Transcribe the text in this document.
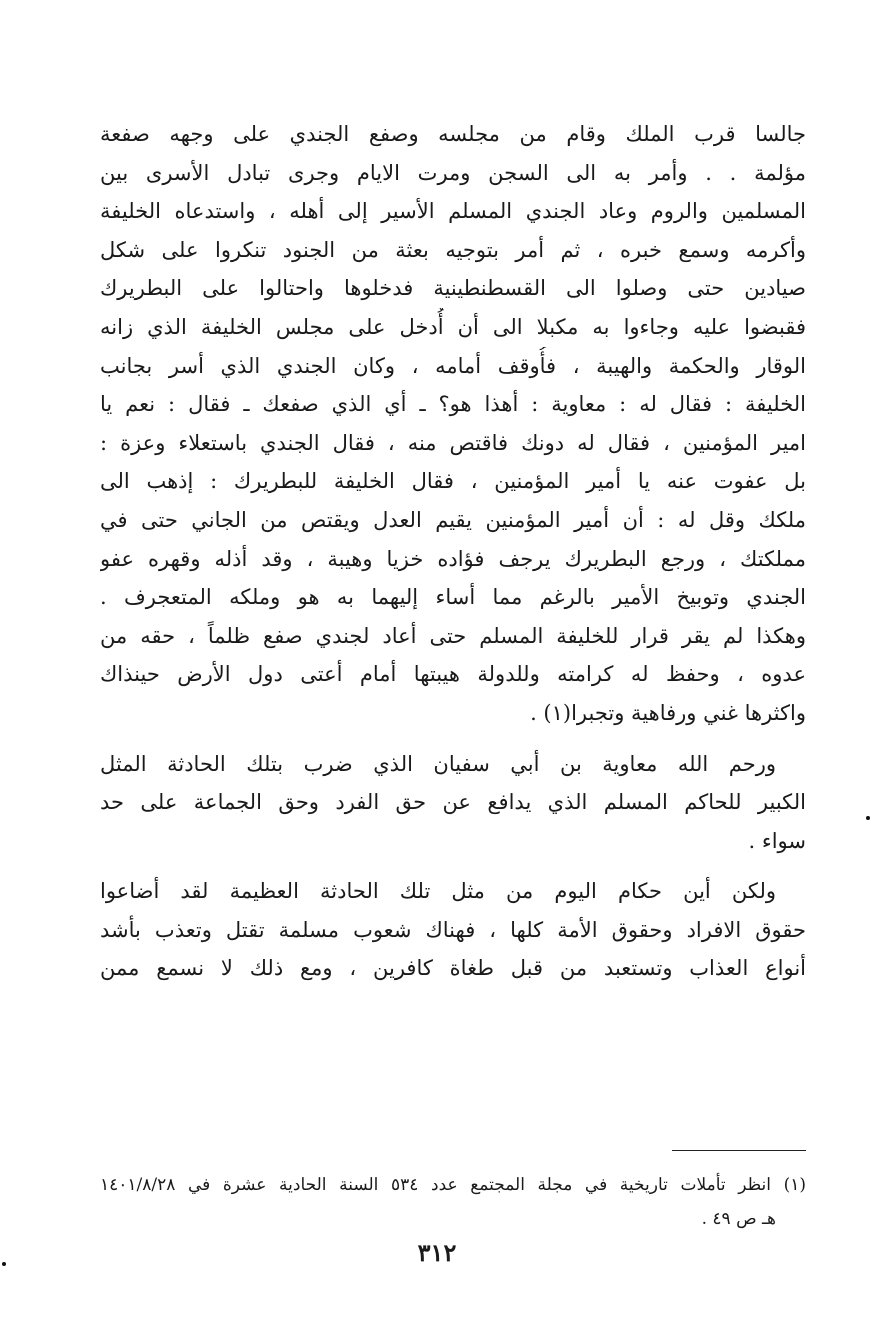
جالسا قرب الملك وقام من مجلسه وصفع الجندي على وجهه صفعة
مؤلمة . . وأمر به الى السجن ومرت الايام وجرى تبادل الأسرى بين
المسلمين والروم وعاد الجندي المسلم الأسير إلى أهله ، واستدعاه الخليفة
وأكرمه وسمع خبره ، ثم أمر بتوجيه بعثة من الجنود تنكروا على شكل
صيادين حتى وصلوا الى القسطنطينية فدخلوها واحتالوا على البطريرك
فقبضوا عليه وجاءوا به مكبلا الى أن أُدخل على مجلس الخليفة الذي زانه
الوقار والحكمة والهيبة ، فأُوقف أمامه ، وكان الجندي الذي أسر بجانب
الخليفة : فقال له : معاوية : أهذا هو؟ ـ أي الذي صفعك ـ فقال : نعم يا
امير المؤمنين ، فقال له دونك فاقتص منه ، فقال الجندي باستعلاء وعزة :
بل عفوت عنه يا أمير المؤمنين ، فقال الخليفة للبطريرك : إذهب الى
ملكك وقل له : أن أمير المؤمنين يقيم العدل ويقتص من الجاني حتى في
مملكتك ، ورجع البطريرك يرجف فؤاده خزيا وهيبة ، وقد أذله وقهره عفو
الجندي وتوبيخ الأمير بالرغم مما أساء إليهما به هو وملكه المتعجرف .
وهكذا لم يقر قرار للخليفة المسلم حتى أعاد لجندي صفع ظلماً ، حقه من
عدوه ، وحفظ له كرامته وللدولة هيبتها أمام أعتى دول الأرض حينذاك
واكثرها غني ورفاهية وتجبرا(١) .
ورحم الله معاوية بن أبي سفيان الذي ضرب بتلك الحادثة المثل
الكبير للحاكم المسلم الذي يدافع عن حق الفرد وحق الجماعة على حد
سواء .
ولكن أين حكام اليوم من مثل تلك الحادثة العظيمة لقد أضاعوا
حقوق الافراد وحقوق الأمة كلها ، فهناك شعوب مسلمة تقتل وتعذب بأشد
أنواع العذاب وتستعبد من قبل طغاة كافرين ، ومع ذلك لا نسمع ممن
(١) انظر تأملات تاريخية في مجلة المجتمع عدد ٥٣٤ السنة الحادية عشرة في ١٤٠١/٨/٢٨
هـ ص ٤٩ .
٣١٢
